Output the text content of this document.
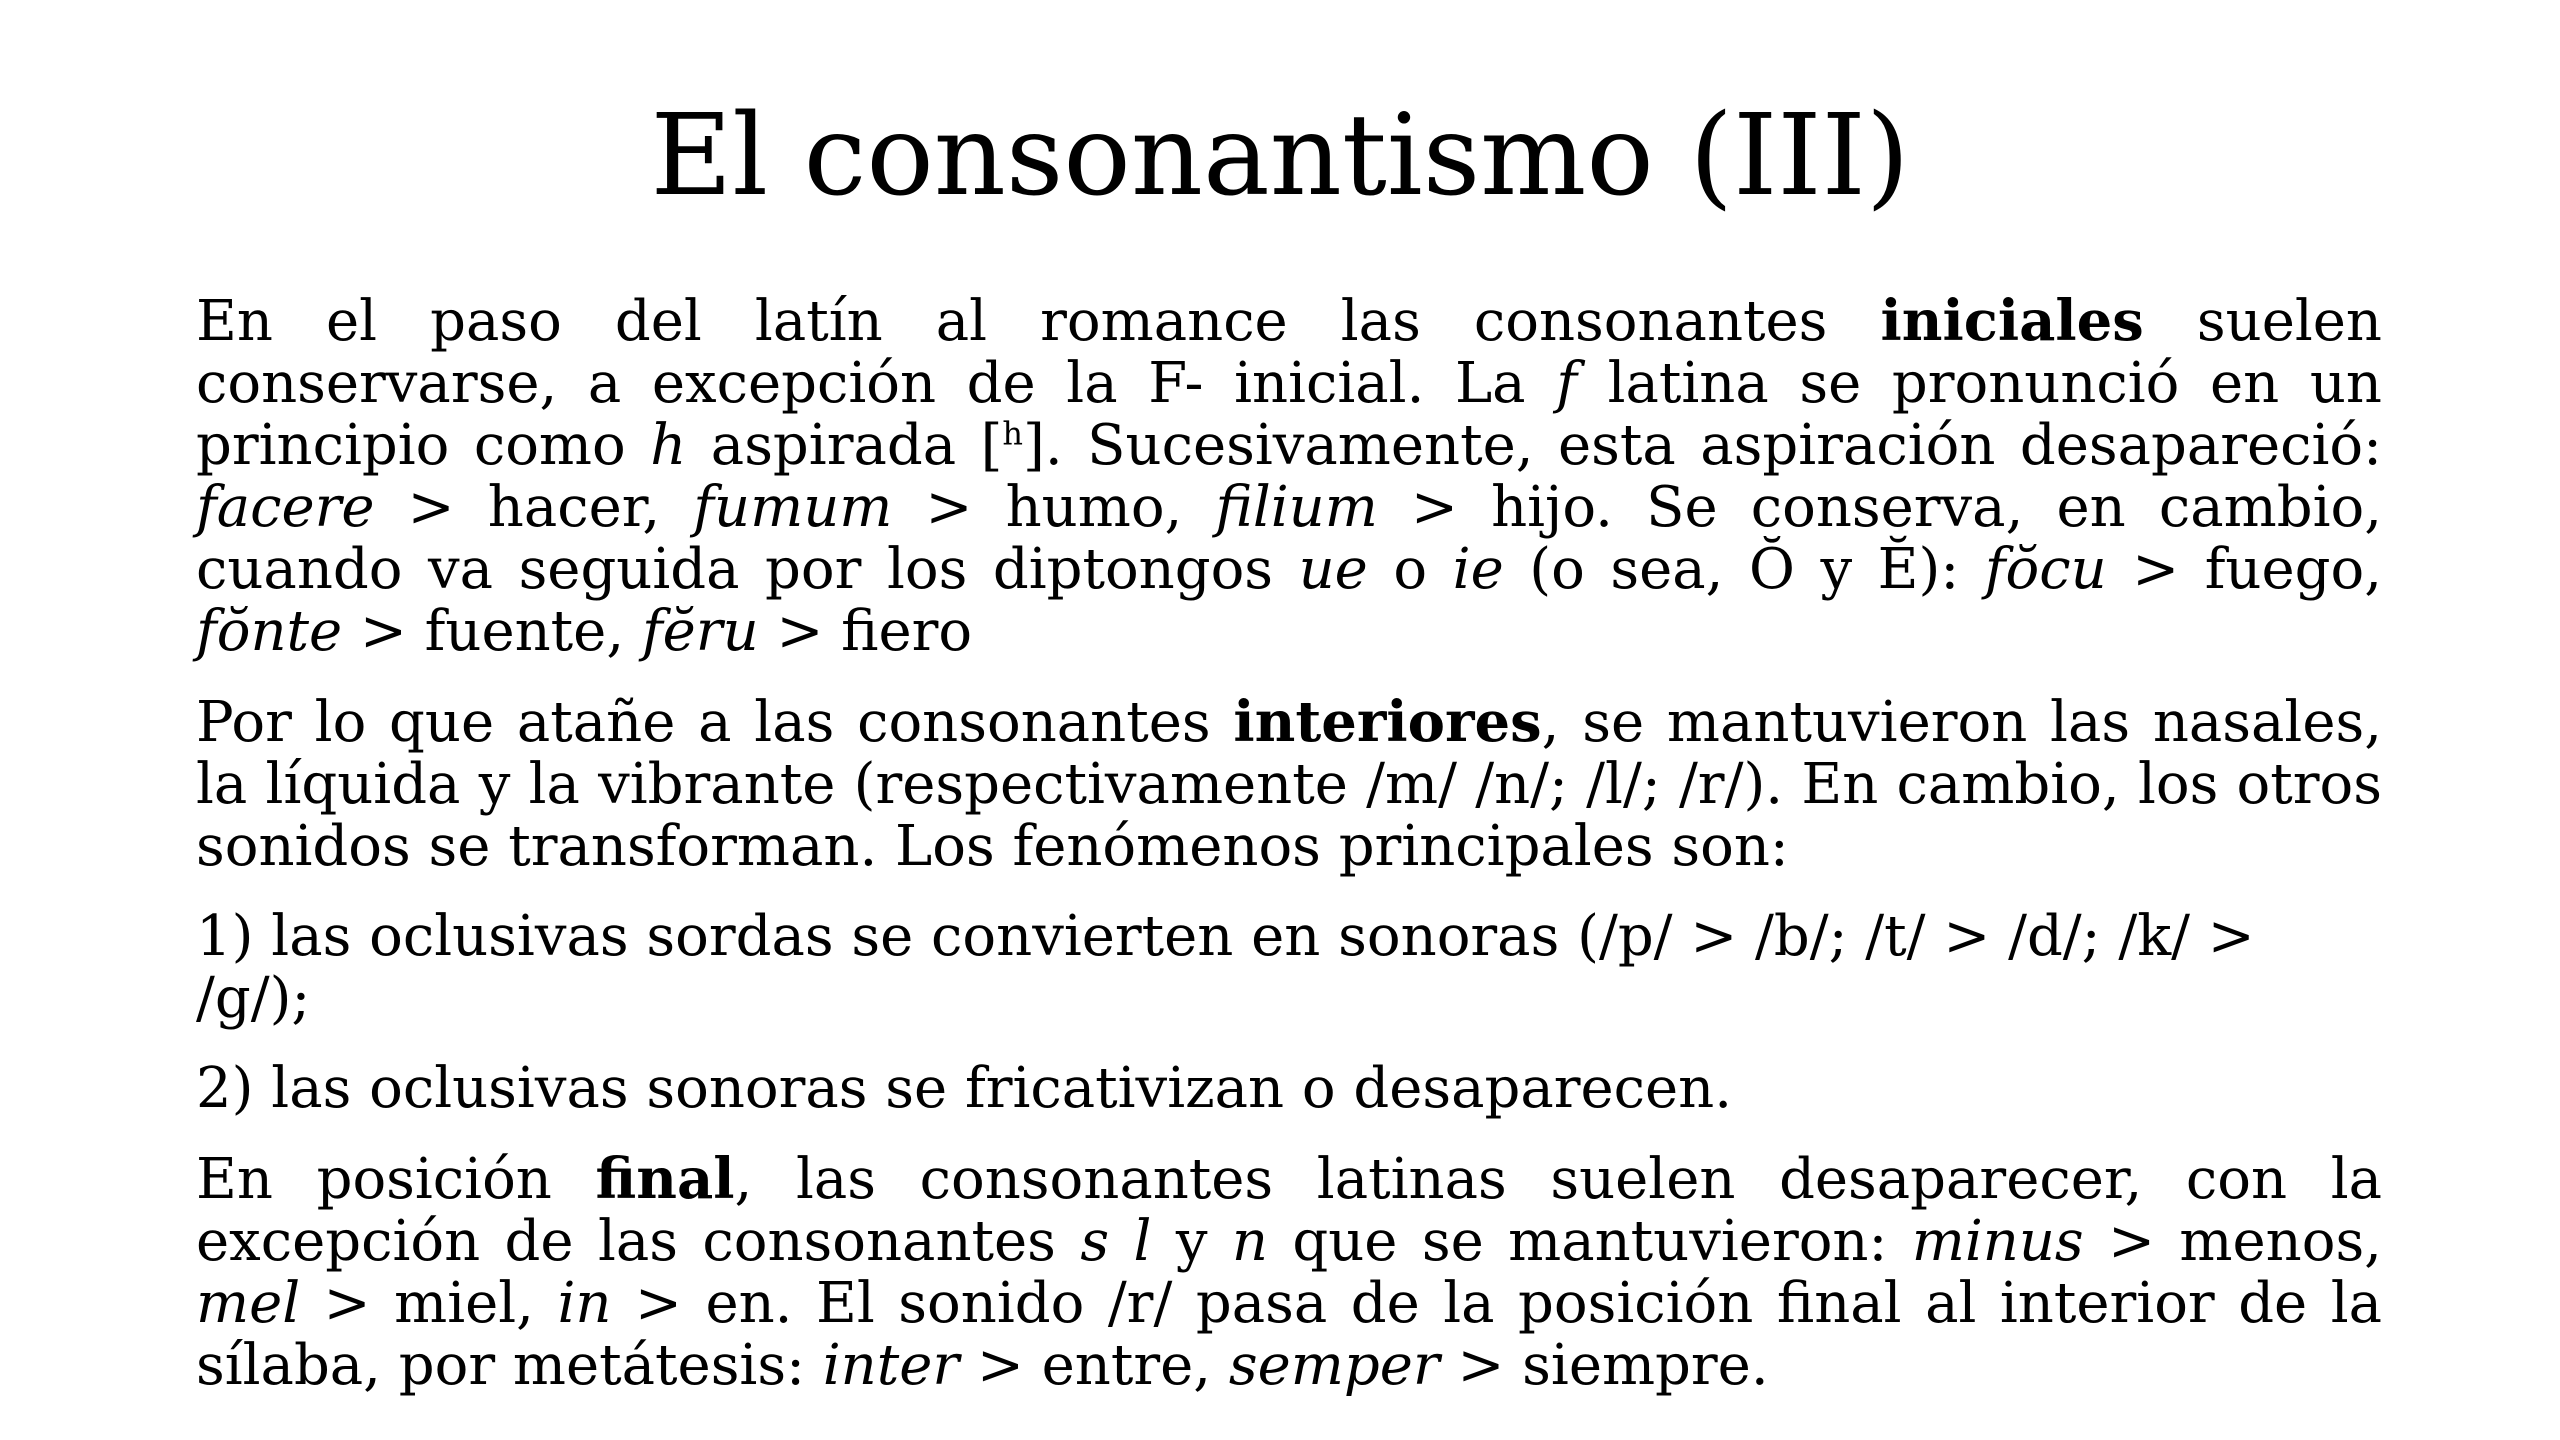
El consonantismo (III)

En el paso del latín al romance las consonantes iniciales suelen conservarse, a excepción de la F- inicial. La f latina se pronunció en un principio como h aspirada [$^h$]. Sucesivamente, esta aspiración desapareció: facere > hacer, fumum > humo, filium > hijo. Se conserva, en cambio, cuando va seguida por los diptongos ue o ie (o sea, Ŏ y Ĕ): fŏcu > fuego, fŏnte > fuente, fĕru > fiero

Por lo que atañe a las consonantes interiores, se mantuvieron las nasales, la líquida y la vibrante (respectivamente /m/ /n/; /l/; /r/). En cambio, los otros sonidos se transforman. Los fenómenos principales son:

1) las oclusivas sordas se convierten en sonoras (/p/ > /b/; /t/ > /d/; /k/ > /g/);

2) las oclusivas sonoras se fricativizan o desaparecen.

En posición final, las consonantes latinas suelen desaparecer, con la excepción de las consonantes s l y n que se mantuvieron: minus > menos, mel > miel, in > en. El sonido /r/ pasa de la posición final al interior de la sílaba, por metátesis: inter > entre, semper > siempre.
